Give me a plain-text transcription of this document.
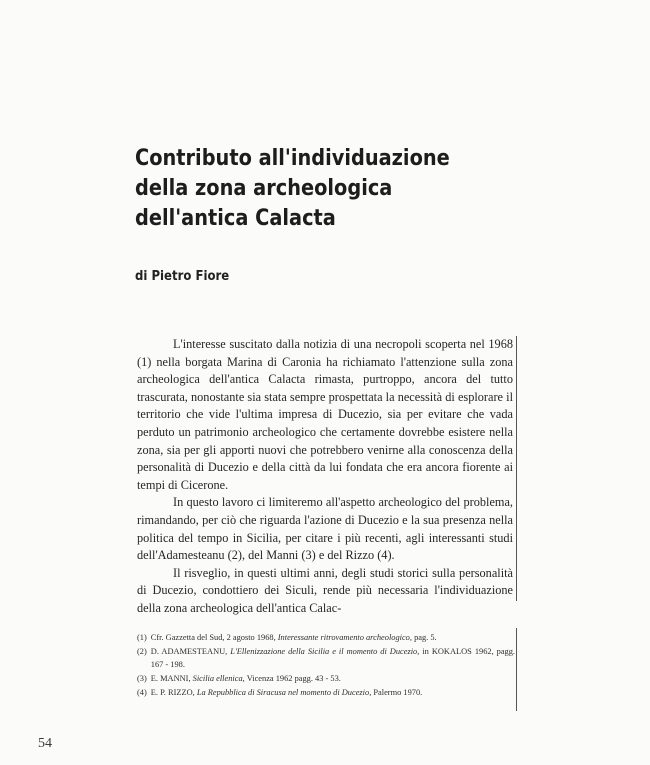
Contributo all'individuazione
della zona archeologica
dell'antica Calacta
di Pietro Fiore

L'interesse suscitato dalla notizia di una necropoli scoperta nel 1968 (1) nella borgata Marina di Caronia ha richiamato l'attenzione sulla zona archeologica dell'antica Calacta rimasta, purtroppo, ancora del tutto trascurata, nonostante sia stata sempre prospettata la necessità di esplorare il territorio che vide l'ultima impresa di Ducezio, sia per evitare che vada perduto un patrimonio archeologico che certamente dovrebbe esistere nella zona, sia per gli apporti nuovi che potrebbero venirne alla conoscenza della personalità di Ducezio e della città da lui fondata che era ancora fiorente ai tempi di Cicerone.

In questo lavoro ci limiteremo all'aspetto archeologico del problema, rimandando, per ciò che riguarda l'azione di Ducezio e la sua presenza nella politica del tempo in Sicilia, per citare i più recenti, agli interessanti studi dell'Adamesteanu (2), del Manni (3) e del Rizzo (4).

Il risveglio, in questi ultimi anni, degli studi storici sulla personalità di Ducezio, condottiero dei Siculi, rende più necessaria l'individuazione della zona archeologica dell'antica Calac-

(1) Cfr. Gazzetta del Sud, 2 agosto 1968, Interessante ritrovamento archeologico, pag. 5.
(2) D. ADAMESTEANU, L'Ellenizzazione della Sicilia e il momento di Ducezio, in KOKALOS 1962, pagg. 167 - 198.
(3) E. MANNI, Sicilia ellenica, Vicenza 1962 pagg. 43 - 53.
(4) E. P. RIZZO, La Repubblica di Siracusa nel momento di Ducezio, Palermo 1970.
54
